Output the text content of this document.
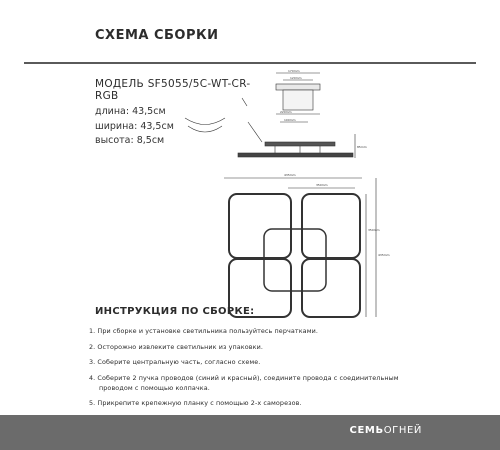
СХЕМА СБОРКИ
МОДЕЛЬ SF5055/5C-WT-CR-RGB
длина: 43,5см
ширина: 43,5см
высота: 8,5см
170mm
120mm
220mm
100mm
85mm
435mm
350mm
350mm
435mm
ИНСТРУКЦИЯ ПО СБОРКЕ:
1. При сборке и установке светильника пользуйтесь перчатками.
2. Осторожно извлеките светильник из упаковки.
3. Соберите центральную часть, согласно схеме.
4. Соберите 2 пучка проводов (синий и красный), соедините провода с соединительным
проводом с помощью колпачка.
5. Прикрепите крепежную планку с помощью 2-х саморезов.
СЕМЬОГНЕЙ
